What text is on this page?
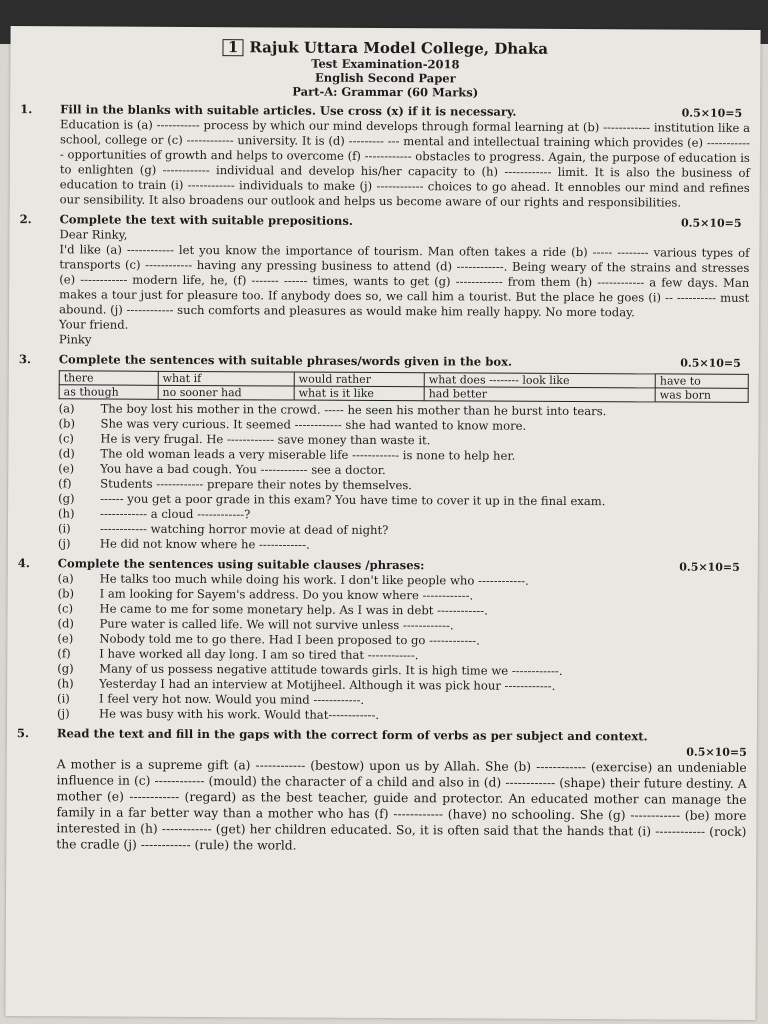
1 Rajuk Uttara Model College, Dhaka
Test Examination-2018
English Second Paper
Part-A: Grammar (60 Marks)
1.	0.5×10=5
Fill in the blanks with suitable articles. Use cross (x) if it is necessary.
Education is (a) ----------- process by which our mind develops through formal learning at (b) ------------ institution like a school, college or (c) ------------ university. It is (d) --------- --- mental and intellectual training which provides (e) ------------ opportunities of growth and helps to overcome (f) ------------ obstacles to progress. Again, the purpose of education is to enlighten (g) ------------ individual and develop his/her capacity to (h) ------------ limit. It is also the business of education to train (i) ------------ individuals to make (j) ------------ choices to go ahead. It ennobles our mind and refines our sensibility. It also broadens our outlook and helps us become aware of our rights and responsibilities.
2.	0.5×10=5
Complete the text with suitable prepositions.

Dear Rinky,

I'd like (a) ------------ let you know the importance of tourism. Man often takes a ride (b) ----- -------- various types of transports (c) ------------ having any pressing business to attend (d) ------------. Being weary of the strains and stresses (e) ------------ modern life, he, (f) ------- ------ times, wants to get (g) ------------ from them (h) ------------ a few days. Man makes a tour just for pleasure too. If anybody does so, we call him a tourist. But the place he goes (i) -- ---------- must abound. (j) ------------ such comforts and pleasures as would make him really happy. No more today.

Your friend.

Pinky

3.	0.5×10=5
Complete the sentences with suitable phrases/words given in the box.
there	what if	would rather	what does -------- look like	have to
as though	no sooner had	what is it like	had better	was born
(a) The boy lost his mother in the crowd. ----- he seen his mother than he burst into tears.
(b) She was very curious. It seemed ------------ she had wanted to know more.
(c) He is very frugal. He ------------ save money than waste it.
(d) The old woman leads a very miserable life ------------ is none to help her.
(e) You have a bad cough. You ------------ see a doctor.
(f) Students ------------ prepare their notes by themselves.
(g) ------ you get a poor grade in this exam? You have time to cover it up in the final exam.
(h) ------------ a cloud ------------?
(i)	------------ watching horror movie at dead of night?
(j)	He did not know where he ------------.
4.	0.5×10=5
Complete the sentences using suitable clauses /phrases:
(a) He talks too much while doing his work. I don't like people who ------------.
(b) I am looking for Sayem's address. Do you know where ------------.
(c) He came to me for some monetary help. As I was in debt ------------.
(d) Pure water is called life. We will not survive unless ------------.
(e) Nobody told me to go there. Had I been proposed to go ------------.
(f) I have worked all day long. I am so tired that ------------.
(g) Many of us possess negative attitude towards girls. It is high time we ------------.
(h) Yesterday I had an interview at Motijheel. Although it was pick hour ------------.
(i)	I feel very hot now. Would you mind ------------.
(j)	He was busy with his work. Would that------------.
5. Read the text and fill in the gaps with the correct form of verbs as per subject and context.
0.5×10=5
A mother is a supreme gift (a) ------------ (bestow) upon us by Allah. She (b) ------------ (exercise) an undeniable influence in (c) ------------ (mould) the character of a child and also in (d) ------------ (shape) their future destiny. A mother (e) ------------ (regard) as the best teacher, guide and protector. An educated mother can manage the family in a far better way than a mother who has (f) ------------ (have) no schooling. She (g) ------------ (be) more interested in (h) ------------ (get) her children educated. So, it is often said that the hands that (i) ------------ (rock) the cradle (j) ------------ (rule) the world.
